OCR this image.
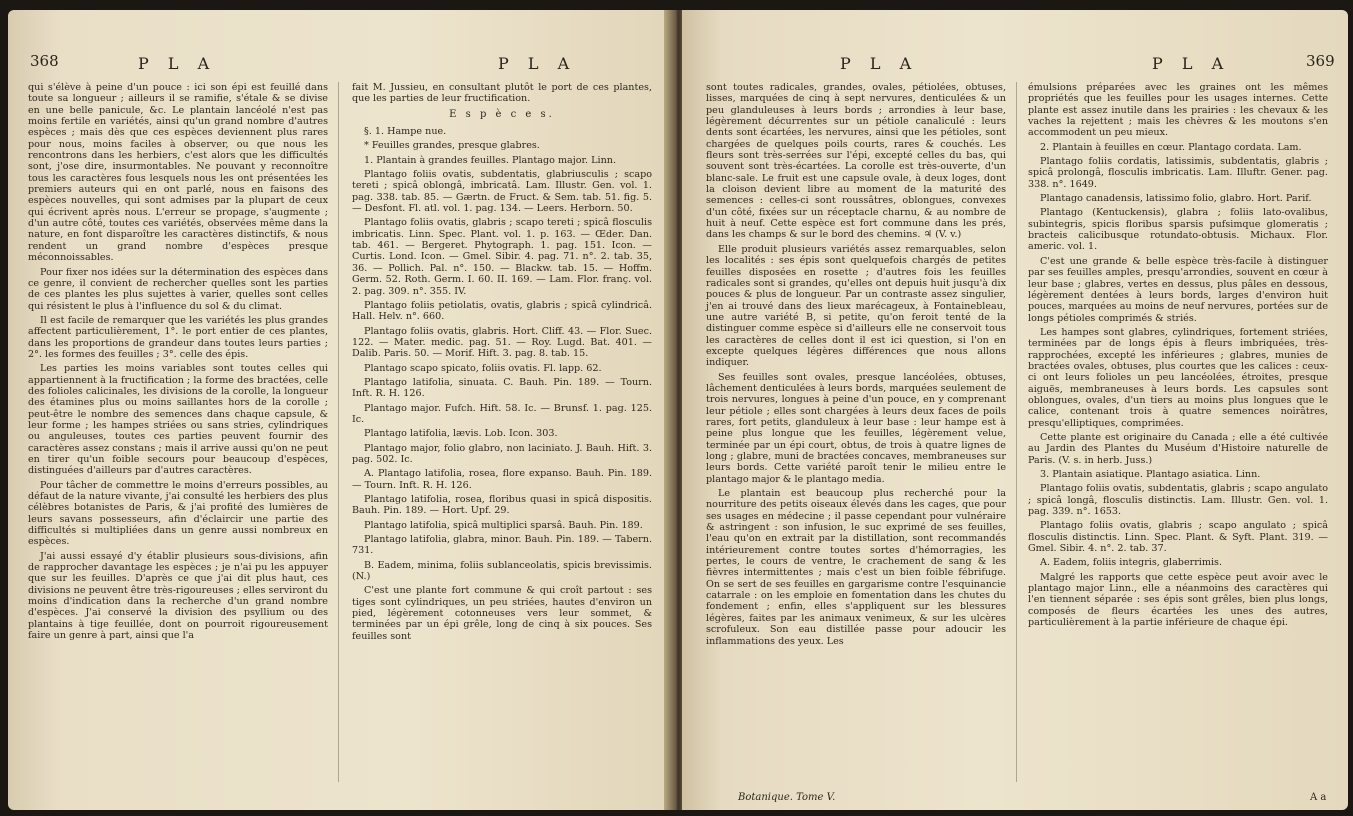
368	P L A	P L A

qui s'élève à peine d'un pouce : ici son épi est feuillé dans toute sa longueur ; ailleurs il se ramifie, s'étale & se divise en une belle panicule, &c. Le plantain lancéolé n'est pas moins fertile en variétés, ainsi qu'un grand nombre d'autres espèces ; mais dès que ces espèces deviennent plus rares pour nous, moins faciles à observer, ou que nous les rencontrons dans les herbiers, c'est alors que les difficultés sont, j'ose dire, insurmontables. Ne pouvant y reconnoître tous les caractères fous lesquels nous les ont présentées les premiers auteurs qui en ont parlé, nous en faisons des espèces nouvelles, qui sont admises par la plupart de ceux qui écrivent après nous. L'erreur se propage, s'augmente ; d'un autre côté, toutes ces variétés, observées même dans la nature, en font disparoître les caractères distinctifs, & nous rendent un grand nombre d'espèces presque méconnoissables.

Pour fixer nos idées sur la détermination des espèces dans ce genre, il convient de rechercher quelles sont les parties de ces plantes les plus sujettes à varier, quelles sont celles qui résistent le plus à l'influence du sol & du climat.

Il est facile de remarquer que les variétés les plus grandes affectent particulièrement, 1°. le port entier de ces plantes, dans les proportions de grandeur dans toutes leurs parties ; 2°. les formes des feuilles ; 3°. celle des épis.

Les parties les moins variables sont toutes celles qui appartiennent à la fructification ; la forme des bractées, celle des folioles calicinales, les divisions de la corolle, la longueur des étamines plus ou moins saillantes hors de la corolle ; peut-être le nombre des semences dans chaque capsule, & leur forme ; les hampes striées ou sans stries, cylindriques ou anguleuses, toutes ces parties peuvent fournir des caractères assez constans ; mais il arrive aussi qu'on ne peut en tirer qu'un foible secours pour beaucoup d'espèces, distinguées d'ailleurs par d'autres caractères.

Pour tâcher de commettre le moins d'erreurs possibles, au défaut de la nature vivante, j'ai consulté les herbiers des plus célèbres botanistes de Paris, & j'ai profité des lumières de leurs savans possesseurs, afin d'éclaircir une partie des difficultés si multipliées dans un genre aussi nombreux en espèces.

J'ai aussi essayé d'y établir plusieurs sous-divisions, afin de rapprocher davantage les espèces ; je n'ai pu les appuyer que sur les feuilles. D'après ce que j'ai dit plus haut, ces divisions ne peuvent être très-rigoureuses ; elles serviront du moins d'indication dans la recherche d'un grand nombre d'espèces. J'ai conservé la division des psyllium ou des plantains à tige feuillée, dont on pourroit rigoureusement faire un genre à part, ainsi que l'a

fait M. Jussieu, en consultant plutôt le port de ces plantes, que les parties de leur fructification.

E s p è c e s.

§. 1. Hampe nue.

* Feuilles grandes, presque glabres.

1. Plantain à grandes feuilles. Plantago major. Linn.

Plantago foliis ovatis, subdentatis, glabriusculis ; scapo tereti ; spicâ oblongâ, imbricatâ. Lam. Illustr. Gen. vol. 1. pag. 338. tab. 85. — Gærtn. de Fruct. & Sem. tab. 51. fig. 5. — Desfont. Fl. atl. vol. 1. pag. 134. — Leers. Herborn. 50.

Plantago foliis ovatis, glabris ; scapo tereti ; spicâ flosculis imbricatis. Linn. Spec. Plant. vol. 1. p. 163. — Œder. Dan. tab. 461. — Bergeret. Phytograph. 1. pag. 151. Icon. — Curtis. Lond. Icon. — Gmel. Sibir. 4. pag. 71. n°. 2. tab. 35, 36. — Pollich. Pal. n°. 150. — Blackw. tab. 15. — Hoffm. Germ. 52. Roth. Germ. I. 60. II. 169. — Lam. Flor. franç. vol. 2. pag. 309. n°. 355. IV.

Plantago foliis petiolatis, ovatis, glabris ; spicâ cylindricâ. Hall. Helv. n°. 660.

Plantago foliis ovatis, glabris. Hort. Cliff. 43. — Flor. Suec. 122. — Mater. medic. pag. 51. — Roy. Lugd. Bat. 401. — Dalib. Paris. 50. — Morif. Hift. 3. pag. 8. tab. 15.

Plantago scapo spicato, foliis ovatis. Fl. lapp. 62.

Plantago latifolia, sinuata. C. Bauh. Pin. 189. — Tourn. Inft. R. H. 126.

Plantago major. Fufch. Hift. 58. Ic. — Brunsf. 1. pag. 125. Ic.

Plantago latifolia, lævis. Lob. Icon. 303.

Plantago major, folio glabro, non laciniato. J. Bauh. Hift. 3. pag. 502. Ic.

A. Plantago latifolia, rosea, flore expanso. Bauh. Pin. 189. — Tourn. Inft. R. H. 126.

Plantago latifolia, rosea, floribus quasi in spicâ dispositis. Bauh. Pin. 189. — Hort. Upf. 29.

Plantago latifolia, spicâ multiplici sparsâ. Bauh. Pin. 189.

Plantago latifolia, glabra, minor. Bauh. Pin. 189. — Tabern. 731.

B. Eadem, minima, foliis sublanceolatis, spicis brevissimis. (N.)

C'est une plante fort commune & qui croît partout : ses tiges sont cylindriques, un peu striées, hautes d'environ un pied, légèrement cotonneuses vers leur sommet, & terminées par un épi grêle, long de cinq à six pouces. Ses feuilles sont

P L A	P L A	369

sont toutes radicales, grandes, ovales, pétiolées, obtuses, lisses, marquées de cinq à sept nervures, denticulées & un peu glanduleuses à leurs bords ; arrondies à leur base, légèrement décurrentes sur un pétiole canaliculé : leurs dents sont écartées, les nervures, ainsi que les pétioles, sont chargées de quelques poils courts, rares & couchés. Les fleurs sont très-serrées sur l'épi, excepté celles du bas, qui souvent sont très-écartées. La corolle est très-ouverte, d'un blanc-sale. Le fruit est une capsule ovale, à deux loges, dont la cloison devient libre au moment de la maturité des semences : celles-ci sont roussâtres, oblongues, convexes d'un côté, fixées sur un réceptacle charnu, & au nombre de huit à neuf. Cette espèce est fort commune dans les prés, dans les champs & sur le bord des chemins. ♃ (V. v.)

Elle produit plusieurs variétés assez remarquables, selon les localités : ses épis sont quelquefois chargés de petites feuilles disposées en rosette ; d'autres fois les feuilles radicales sont si grandes, qu'elles ont depuis huit jusqu'à dix pouces & plus de longueur. Par un contraste assez singulier, j'en ai trouvé dans des lieux marécageux, à Fontainebleau, une autre variété B, si petite, qu'on feroit tenté de la distinguer comme espèce si d'ailleurs elle ne conservoit tous les caractères de celles dont il est ici question, si l'on en excepte quelques légères différences que nous allons indiquer.

Ses feuilles sont ovales, presque lancéolées, obtuses, lâchement denticulées à leurs bords, marquées seulement de trois nervures, longues à peine d'un pouce, en y comprenant leur pétiole ; elles sont chargées à leurs deux faces de poils rares, fort petits, glanduleux à leur base : leur hampe est à peine plus longue que les feuilles, légèrement velue, terminée par un épi court, obtus, de trois à quatre lignes de long ; glabre, muni de bractées concaves, membraneuses sur leurs bords. Cette variété paroît tenir le milieu entre le plantago major & le plantago media.

Le plantain est beaucoup plus recherché pour la nourriture des petits oiseaux élevés dans les cages, que pour ses usages en médecine ; il passe cependant pour vulnéraire & astringent : son infusion, le suc exprimé de ses feuilles, l'eau qu'on en extrait par la distillation, sont recommandés intérieurement contre toutes sortes d'hémorragies, les pertes, le cours de ventre, le crachement de sang & les fièvres intermittentes ; mais c'est un bien foible fébrifuge. On se sert de ses feuilles en gargarisme contre l'esquinancie catarrale : on les emploie en fomentation dans les chutes du fondement ; enfin, elles s'appliquent sur les blessures légères, faites par les animaux venimeux, & sur les ulcères scrofuleux. Son eau distillée passe pour adoucir les inflammations des yeux. Les

Botanique. Tome V.

émulsions préparées avec les graines ont les mêmes propriétés que les feuilles pour les usages internes. Cette plante est assez inutile dans les prairies : les chevaux & les vaches la rejettent ; mais les chèvres & les moutons s'en accommodent un peu mieux.

2. Plantain à feuilles en cœur. Plantago cordata. Lam.

Plantago foliis cordatis, latissimis, subdentatis, glabris ; spicâ prolongâ, flosculis imbricatis. Lam. Illuftr. Gener. pag. 338. n°. 1649.

Plantago canadensis, latissimo folio, glabro. Hort. Parif.

Plantago (Kentuckensis), glabra ; foliis lato-ovalibus, subintegris, spicis floribus sparsis pufsimque glomeratis ; bracteis calicibusque rotundato-obtusis. Michaux. Flor. americ. vol. 1.

C'est une grande & belle espèce très-facile à distinguer par ses feuilles amples, presqu'arrondies, souvent en cœur à leur base ; glabres, vertes en dessus, plus pâles en dessous, légèrement dentées à leurs bords, larges d'environ huit pouces, marquées au moins de neuf nervures, portées sur de longs pétioles comprimés & striés.

Les hampes sont glabres, cylindriques, fortement striées, terminées par de longs épis à fleurs imbriquées, très-rapprochées, excepté les inférieures ; glabres, munies de bractées ovales, obtuses, plus courtes que les calices : ceux-ci ont leurs folioles un peu lancéolées, étroites, presque aiguës, membraneuses à leurs bords. Les capsules sont oblongues, ovales, d'un tiers au moins plus longues que le calice, contenant trois à quatre semences noirâtres, presqu'elliptiques, comprimées.

Cette plante est originaire du Canada ; elle a été cultivée au Jardin des Plantes du Muséum d'Histoire naturelle de Paris. (V. s. in herb. Juss.)

3. Plantain asiatique. Plantago asiatica. Linn.

Plantago foliis ovatis, subdentatis, glabris ; scapo angulato ; spicâ longâ, flosculis distinctis. Lam. Illustr. Gen. vol. 1. pag. 339. n°. 1653.

Plantago foliis ovatis, glabris ; scapo angulato ; spicâ flosculis distinctis. Linn. Spec. Plant. & Syft. Plant. 319. — Gmel. Sibir. 4. n°. 2. tab. 37.

A. Eadem, foliis integris, glaberrimis.

Malgré les rapports que cette espèce peut avoir avec le plantago major Linn., elle a néanmoins des caractères qui l'en tiennent séparée : ses épis sont grêles, bien plus longs, composés de fleurs écartées les unes des autres, particulièrement à la partie inférieure de chaque épi.

A a
